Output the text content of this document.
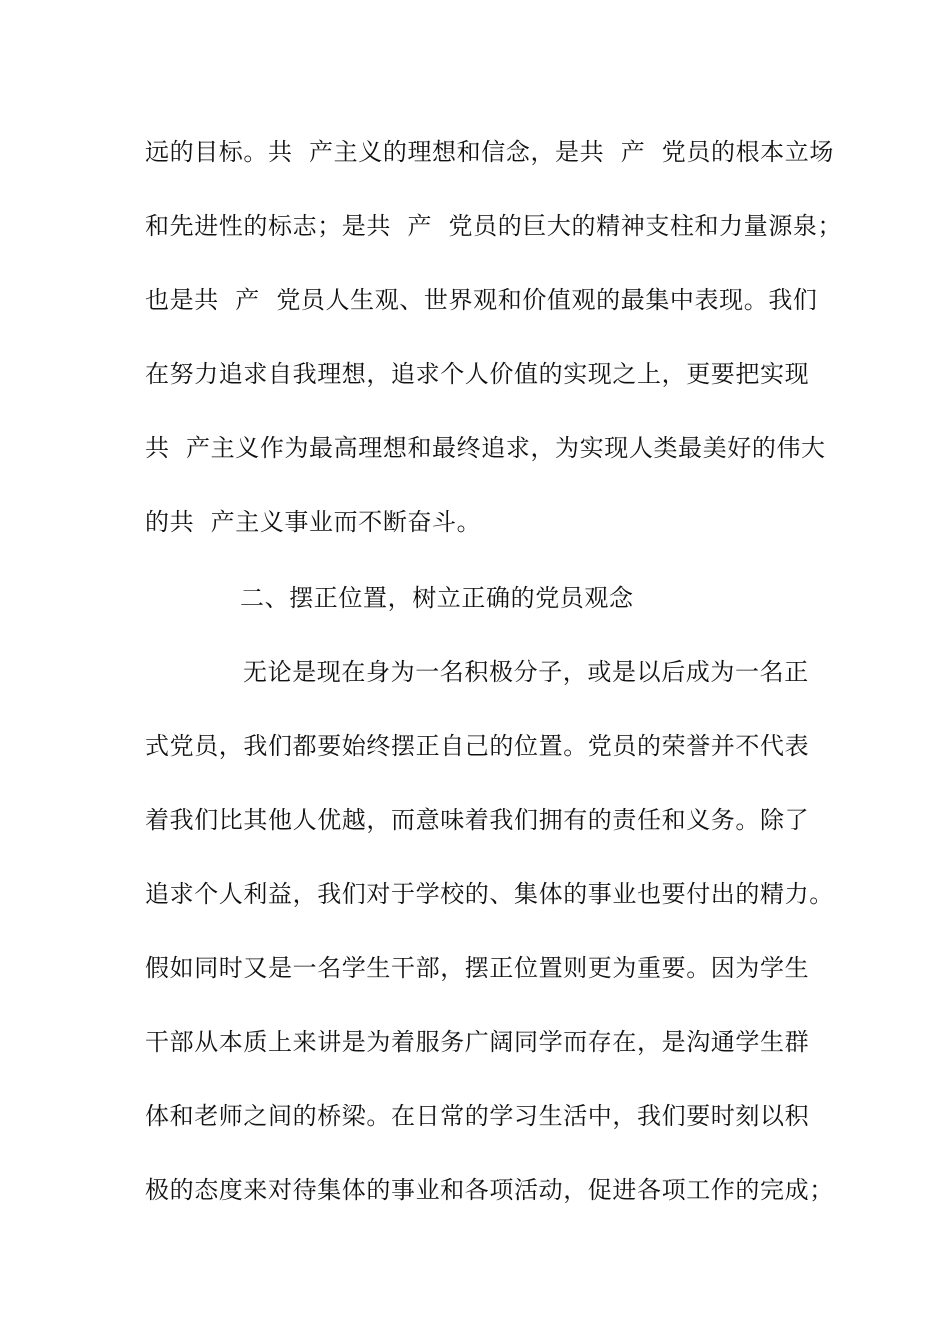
远的目标。共  产主义的理想和信念，是共  产  党员的根本立场
和先进性的标志；是共  产  党员的巨大的精神支柱和力量源泉；
也是共  产  党员人生观、世界观和价值观的最集中表现。我们
在努力追求自我理想，追求个人价值的实现之上，更要把实现
共  产主义作为最高理想和最终追求，为实现人类最美好的伟大
的共  产主义事业而不断奋斗。
二、摆正位置，树立正确的党员观念
无论是现在身为一名积极分子，或是以后成为一名正
式党员，我们都要始终摆正自己的位置。党员的荣誉并不代表
着我们比其他人优越，而意味着我们拥有的责任和义务。除了
追求个人利益，我们对于学校的、集体的事业也要付出的精力。
假如同时又是一名学生干部，摆正位置则更为重要。因为学生
干部从本质上来讲是为着服务广阔同学而存在，是沟通学生群
体和老师之间的桥梁。在日常的学习生活中，我们要时刻以积
极的态度来对待集体的事业和各项活动，促进各项工作的完成；
